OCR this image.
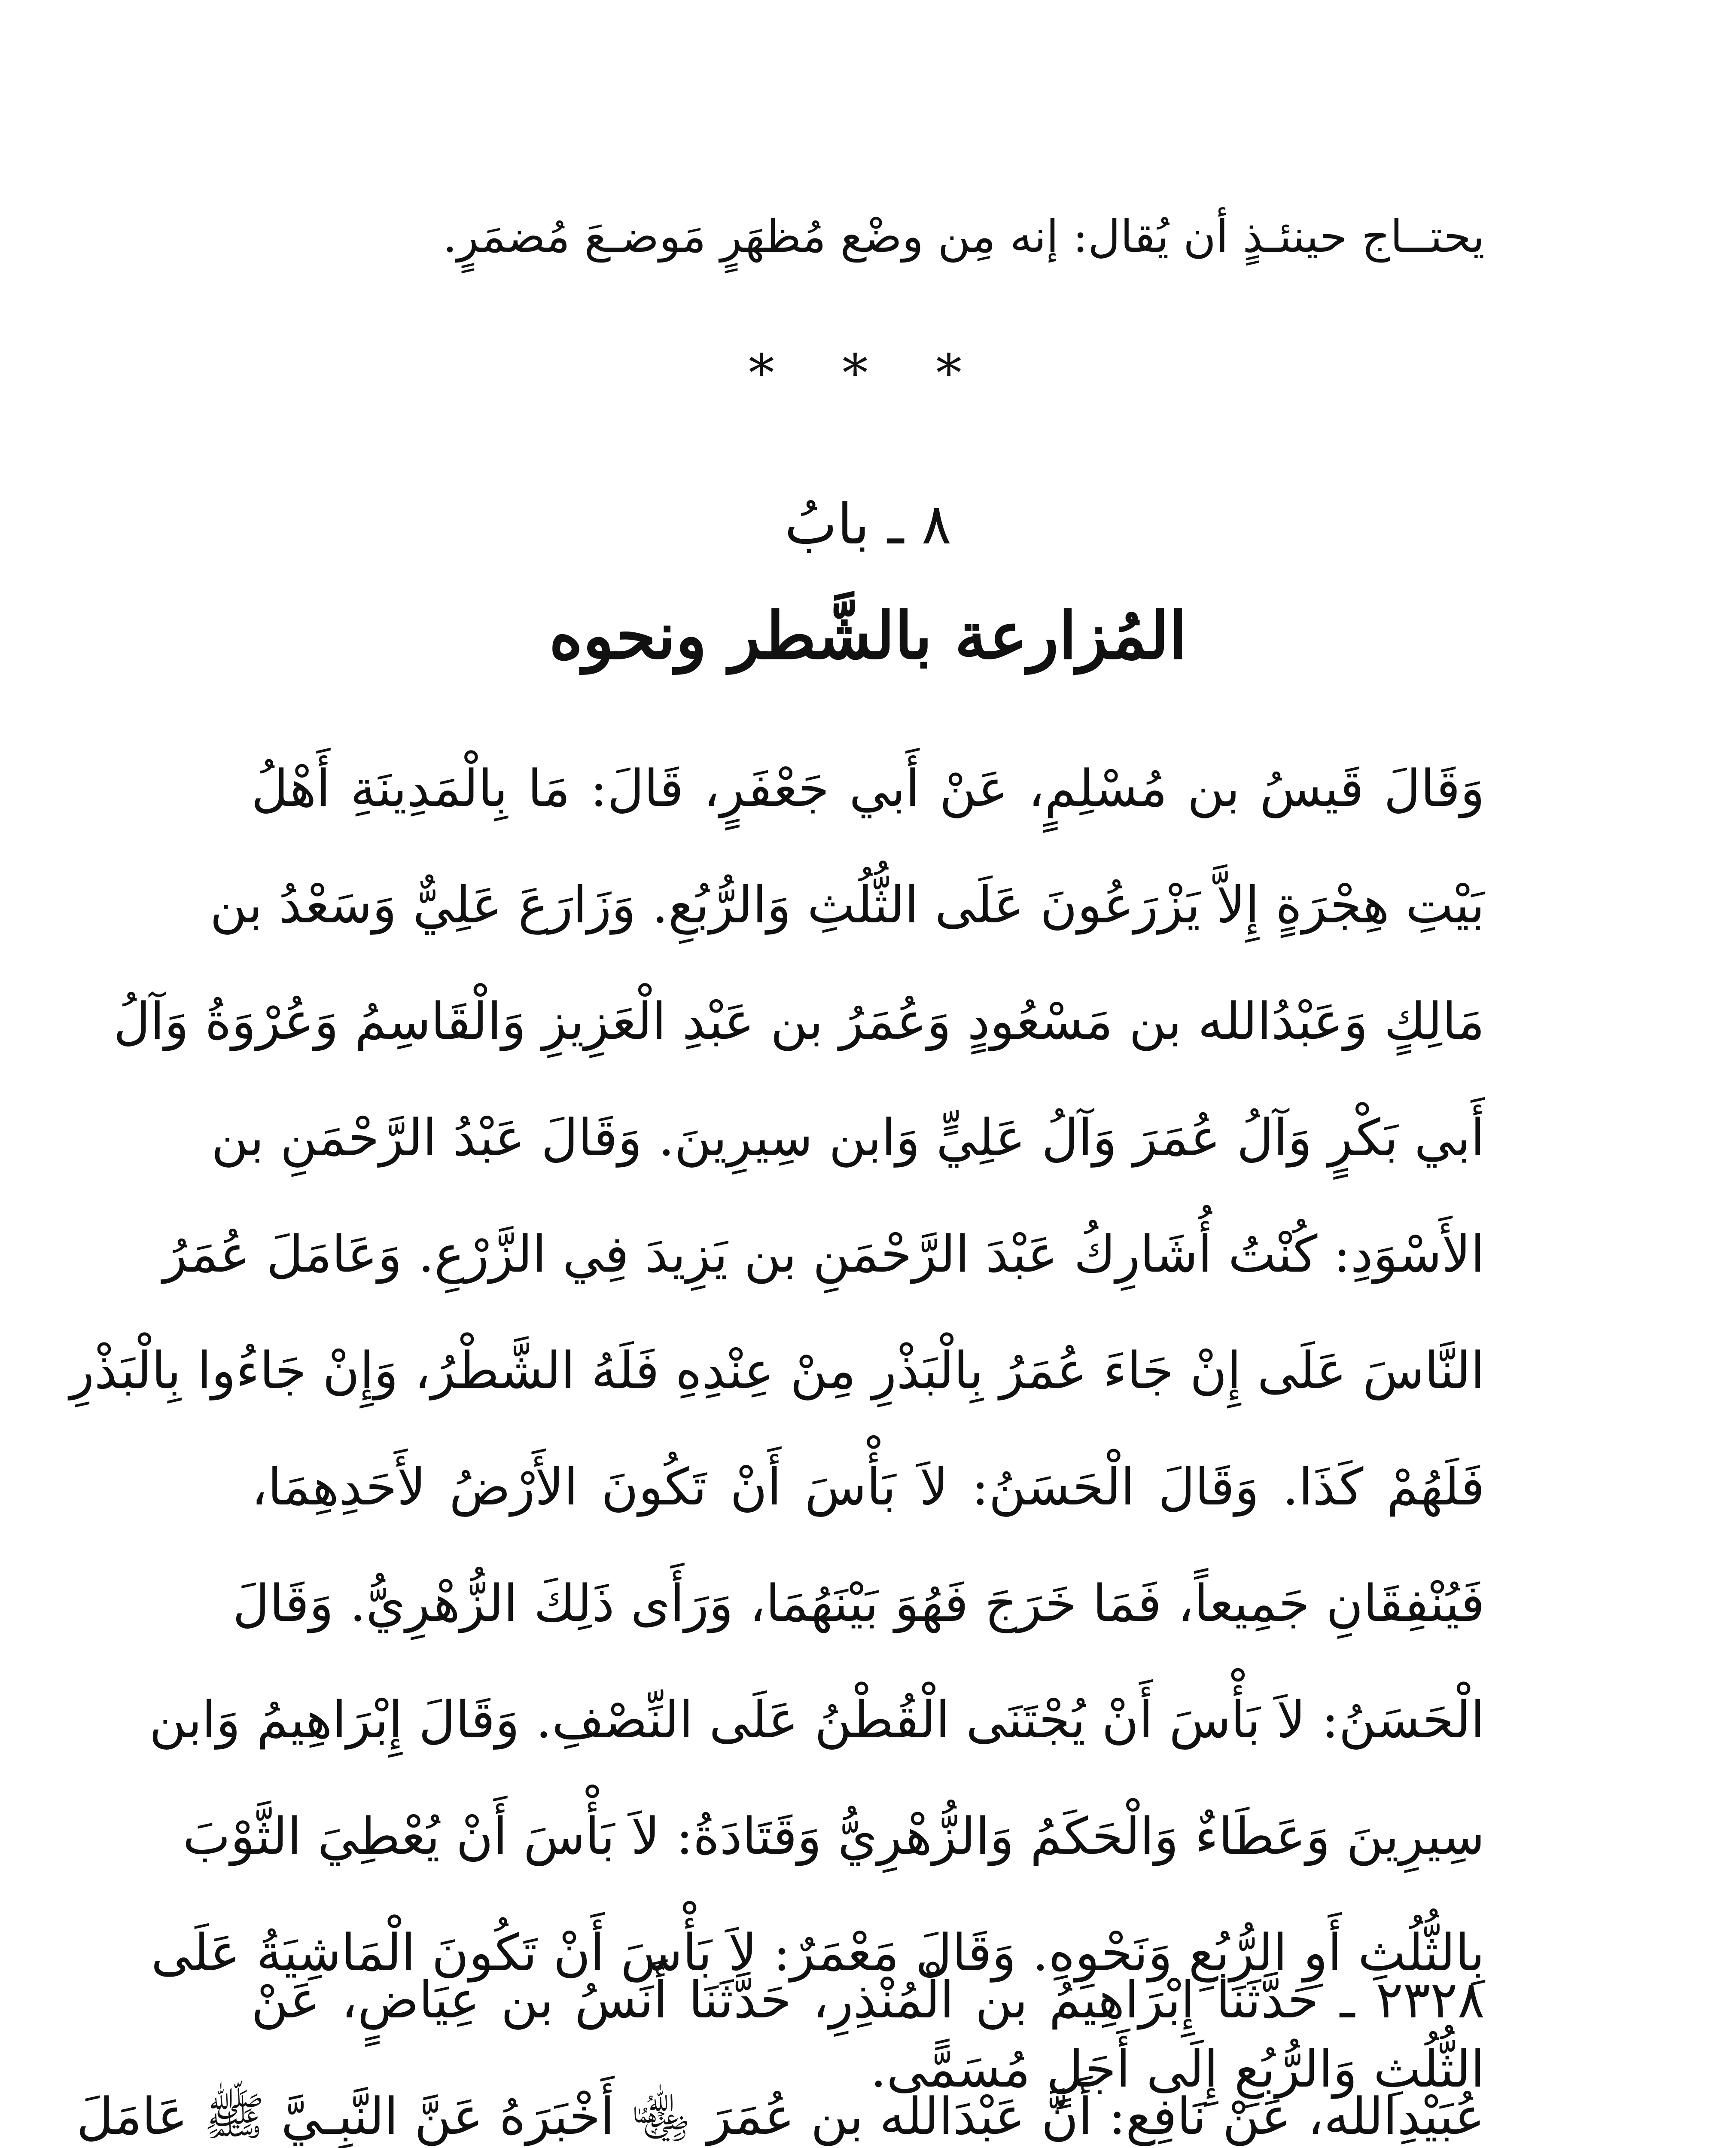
يحتــاج حينئـذٍ أن يُقال: إنه مِن وضْع مُظهَرٍ مَوضـعَ مُضمَرٍ.
* * *
٨ ـ بابُ
المُزارعة بالشَّطر ونحوه
وَقَالَ قَيسُ بن مُسْلِمٍ، عَنْ أَبي جَعْفَرٍ، قَالَ: مَا بِالْمَدِينَةِ أَهْلُ
بَيْتِ هِجْرَةٍ إِلاَّ يَزْرَعُونَ عَلَى الثُّلُثِ وَالرُّبُعِ. وَزَارَعَ عَلِيٌّ وَسَعْدُ بن
مَالِكٍ وَعَبْدُالله بن مَسْعُودٍ وَعُمَرُ بن عَبْدِ الْعَزِيزِ وَالْقَاسِمُ وَعُرْوَةُ وَآلُ
أَبي بَكْرٍ وَآلُ عُمَرَ وَآلُ عَلِيٍّ وَابن سِيرِينَ. وَقَالَ عَبْدُ الرَّحْمَنِ بن
الأَسْوَدِ: كُنْتُ أُشَارِكُ عَبْدَ الرَّحْمَنِ بن يَزِيدَ فِي الزَّرْعِ. وَعَامَلَ عُمَرُ
النَّاسَ عَلَى إِنْ جَاءَ عُمَرُ بِالْبَذْرِ مِنْ عِنْدِهِ فَلَهُ الشَّطْرُ، وَإِنْ جَاءُوا بِالْبَذْرِ
فَلَهُمْ كَذَا. وَقَالَ الْحَسَنُ: لاَ بَأْسَ أَنْ تَكُونَ الأَرْضُ لأَحَدِهِمَا،
فَيُنْفِقَانِ جَمِيعاً، فَمَا خَرَجَ فَهُوَ بَيْنَهُمَا، وَرَأَى ذَلِكَ الزُّهْرِيُّ. وَقَالَ
الْحَسَنُ: لاَ بَأْسَ أَنْ يُجْتَنَى الْقُطْنُ عَلَى النِّصْفِ. وَقَالَ إِبْرَاهِيمُ وَابن
سِيرِينَ وَعَطَاءٌ وَالْحَكَمُ وَالزُّهْرِيُّ وَقَتَادَةُ: لاَ بَأْسَ أَنْ يُعْطِيَ الثَّوْبَ
بِالثُّلُثِ أَوِ الرُّبُعِ وَنَحْوِهِ. وَقَالَ مَعْمَرٌ: لاَ بَأْسَ أَنْ تَكُونَ الْمَاشِيَةُ عَلَى
الثُّلُثِ وَالرُّبُعِ إِلَى أَجَلٍ مُسَمًّى.
٢٣٢٨ ـ حَدَّثَنَا إِبْرَاهِيمُ بن الْمُنْذِرِ، حَدَّثَنَا أَنَسُ بن عِيَاضٍ، عَنْ
عُبَيْدِالله، عَنْ نَافِعٍ: أَنَّ عَبْدَالله بن عُمَرَ ﵄ أَخْبَرَهُ عَنَّ النَّبِـيَّ ﷺ عَامَلَ
